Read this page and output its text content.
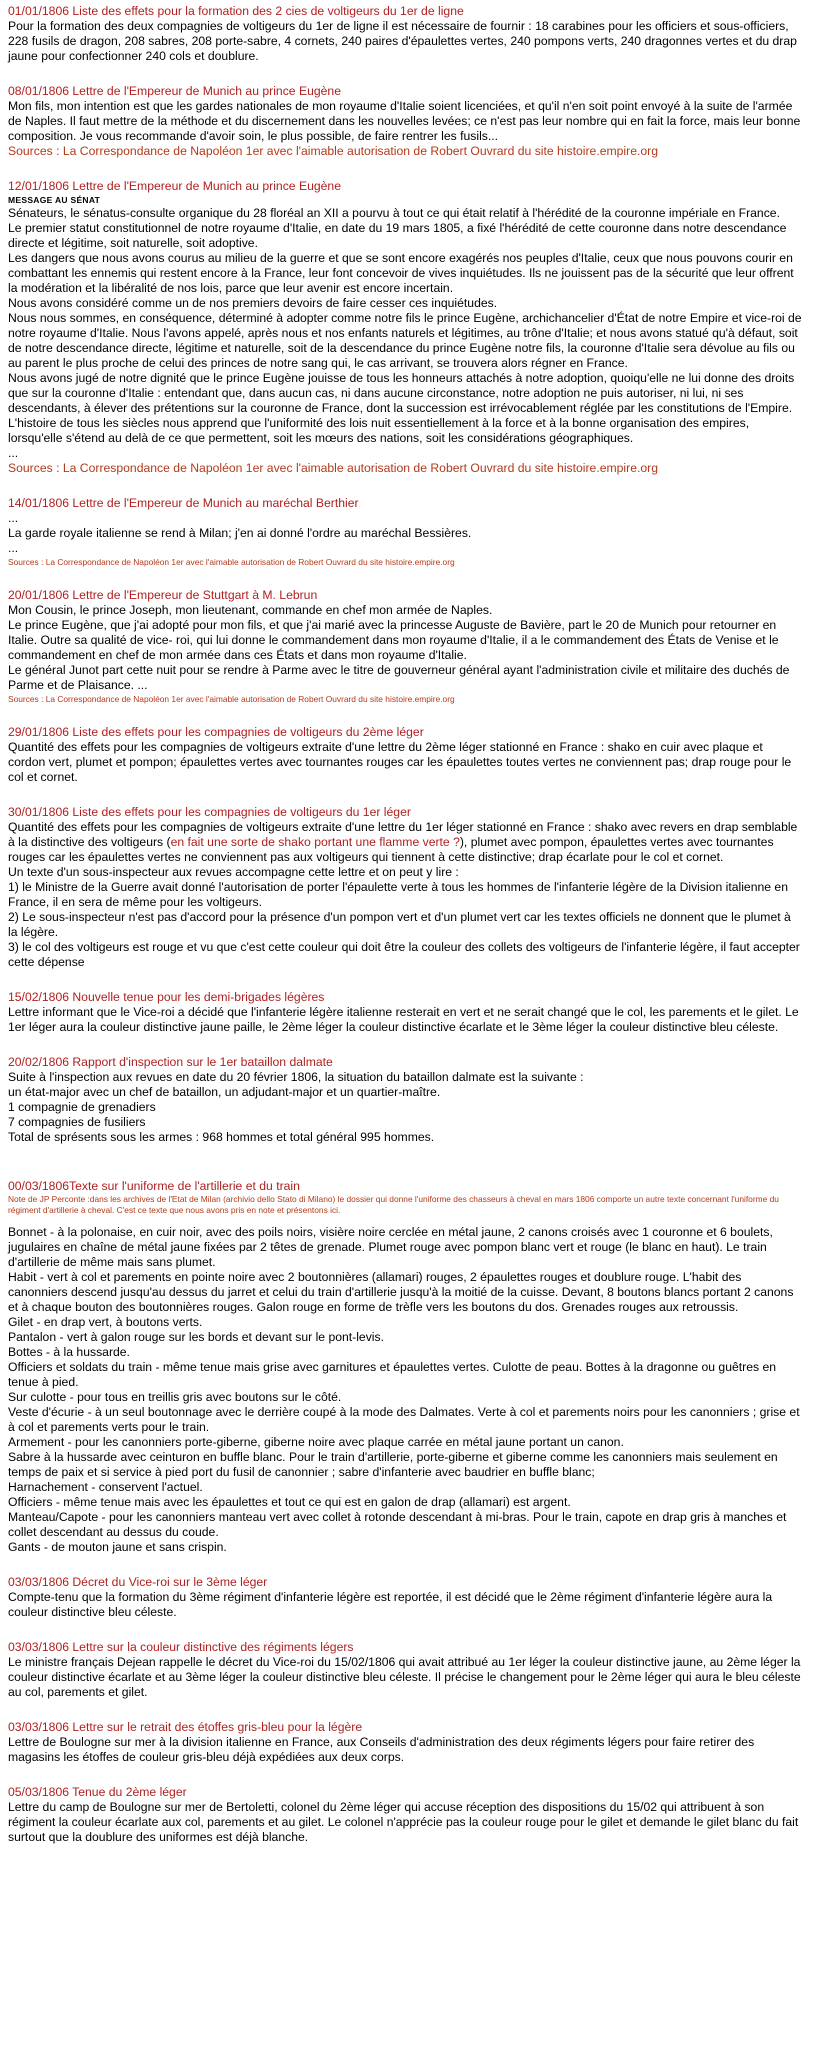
01/01/1806 Liste des effets pour la formation des 2 cies de voltigeurs du 1er de ligne

Pour la formation des deux compagnies de voltigeurs du 1er de ligne il est nécessaire de fournir : 18 carabines pour les officiers et sous-officiers, 228 fusils de dragon, 208 sabres, 208 porte-sabre, 4 cornets, 240 paires d'épaulettes vertes, 240 pompons verts, 240 dragonnes vertes et du drap jaune pour confectionner 240 cols et doublure.

08/01/1806 Lettre de l'Empereur de Munich au prince Eugène

Mon fils, mon intention est que les gardes nationales de mon royaume d'Italie soient licenciées, et qu'il n'en soit point envoyé à la suite de l'armée de Naples. Il faut mettre de la méthode et du discernement dans les nouvelles levées; ce n'est pas leur nombre qui en fait la force, mais leur bonne composition. Je vous recommande d'avoir soin, le plus possible, de faire rentrer les fusils...

Sources : La Correspondance de Napoléon 1er avec l'aimable autorisation de Robert Ouvrard du site histoire.empire.org
12/01/1806 Lettre de l'Empereur de Munich au prince Eugène
MESSAGE AU SÉNAT

Sénateurs, le sénatus-consulte organique du 28 floréal an XII a pourvu à tout ce qui était relatif à l'hérédité de la couronne impériale en France.

Le premier statut constitutionnel de notre royaume d'Italie, en date du 19 mars 1805, a fixé l'hérédité de cette couronne dans notre descendance directe et légitime, soit naturelle, soit adoptive.

Les dangers que nous avons courus au milieu de la guerre et que se sont encore exagérés nos peuples d'Italie, ceux que nous pouvons courir en combattant les ennemis qui restent encore à la France, leur font concevoir de vives inquiétudes. Ils ne jouissent pas de la sécurité que leur offrent la modération et la libéralité de nos lois, parce que leur avenir est encore incertain.

Nous avons considéré comme un de nos premiers devoirs de faire cesser ces inquiétudes.

Nous nous sommes, en conséquence, déterminé à adopter comme notre fils le prince Eugène, archichancelier d'État de notre Empire et vice-roi de notre royaume d'Italie. Nous l'avons appelé, après nous et nos enfants naturels et légitimes, au trône d'Italie; et nous avons statué qu'à défaut, soit de notre descendance directe, légitime et naturelle, soit de la descendance du prince Eugène notre fils, la couronne d'Italie sera dévolue au fils ou au parent le plus proche de celui des princes de notre sang qui, le cas arrivant, se trouvera alors régner en France.

Nous avons jugé de notre dignité que le prince Eugène jouisse de tous les honneurs attachés à notre adoption, quoiqu'elle ne lui donne des droits que sur la couronne d'Italie : entendant que, dans aucun cas, ni dans aucune circonstance, notre adoption ne puis autoriser, ni lui, ni ses descendants, à élever des prétentions sur la couronne de France, dont la succession est irrévocablement réglée par les constitutions de l'Empire. L'histoire de tous les siècles nous apprend que l'uniformité des lois nuit essentiellement à la force et à la bonne organisation des empires, lorsqu'elle s'étend au delà de ce que permettent, soit les mœurs des nations, soit les considérations géographiques.

...

Sources : La Correspondance de Napoléon 1er avec l'aimable autorisation de Robert Ouvrard du site histoire.empire.org
14/01/1806 Lettre de l'Empereur de Munich au maréchal Berthier

...

La garde royale italienne se rend à Milan; j'en ai donné l'ordre au maréchal Bessières.

...

Sources : La Correspondance de Napoléon 1er avec l'aimable autorisation de Robert Ouvrard du site histoire.empire.org
20/01/1806 Lettre de l'Empereur de Stuttgart à M. Lebrun

Mon Cousin, le prince Joseph, mon lieutenant, commande en chef mon armée de Naples.

Le prince Eugène, que j'ai adopté pour mon fils, et que j'ai marié avec la princesse Auguste de Bavière, part le 20 de Munich pour retourner en Italie. Outre sa qualité de vice- roi, qui lui donne le commandement dans mon royaume d'Italie, il a le commandement des États de Venise et le commandement en chef de mon armée dans ces États et dans mon royaume d'Italie.

Le général Junot part cette nuit pour se rendre à Parme avec le titre de gouverneur général ayant l'administration civile et militaire des duchés de Parme et de Plaisance. ...

Sources : La Correspondance de Napoléon 1er avec l'aimable autorisation de Robert Ouvrard du site histoire.empire.org
29/01/1806 Liste des effets pour les compagnies de voltigeurs du 2ème léger

Quantité des effets pour les compagnies de voltigeurs extraite d'une lettre du 2ème léger stationné en France : shako en cuir avec plaque et cordon vert, plumet et pompon; épaulettes vertes avec tournantes rouges car les épaulettes toutes vertes ne conviennent pas; drap rouge pour le col et cornet.

30/01/1806 Liste des effets pour les compagnies de voltigeurs du 1er léger

Quantité des effets pour les compagnies de voltigeurs extraite d'une lettre du 1er léger stationné en France : shako avec revers en drap semblable à la distinctive des voltigeurs (en fait une sorte de shako portant une flamme verte ?), plumet avec pompon, épaulettes vertes avec tournantes rouges car les épaulettes vertes ne conviennent pas aux voltigeurs qui tiennent à cette distinctive; drap écarlate pour le col et cornet.

Un texte d'un sous-inspecteur aux revues accompagne cette lettre et on peut y lire :

1) le Ministre de la Guerre avait donné l'autorisation de porter l'épaulette verte à tous les hommes de l'infanterie légère de la Division italienne en France, il en sera de même pour les voltigeurs.

2) Le sous-inspecteur n'est pas d'accord pour la présence d'un pompon vert et d'un plumet vert car les textes officiels ne donnent que le plumet à la légère.

3) le col des voltigeurs est rouge et vu que c'est cette couleur qui doit être la couleur des collets des voltigeurs de l'infanterie légère, il faut accepter cette dépense

15/02/1806 Nouvelle tenue pour les demi-brigades légères

Lettre informant que le Vice-roi a décidé que l'infanterie légère italienne resterait en vert et ne serait changé que le col, les parements et le gilet. Le 1er léger aura la couleur distinctive jaune paille, le 2ème léger la couleur distinctive écarlate et le 3ème léger la couleur distinctive bleu céleste.

20/02/1806 Rapport d'inspection sur le 1er bataillon dalmate

Suite à l'inspection aux revues en date du 20 février 1806, la situation du bataillon dalmate est la suivante :

un état-major avec un chef de bataillon, un adjudant-major et un quartier-maître.

1 compagnie de grenadiers

7 compagnies de fusiliers

Total de sprésents sous les armes : 968 hommes et total général 995 hommes.

00/03/1806Texte sur l'uniforme de l'artillerie et du train
Note de JP Perconte :dans les archives de l'Etat de Milan (archivio dello Stato di Milano) le dossier qui donne l'uniforme des chasseurs à cheval en mars 1806 comporte un autre texte concernant l'uniforme du régiment d'artillerie à cheval. C'est ce texte que nous avons pris en note et présentons ici.

Bonnet - à la polonaise, en cuir noir, avec des poils noirs, visière noire cerclée en métal jaune, 2 canons croisés avec 1 couronne et 6 boulets, jugulaires en chaîne de métal jaune fixées par 2 têtes de grenade. Plumet rouge avec pompon blanc vert et rouge (le blanc en haut). Le train d'artillerie de même mais sans plumet.

Habit - vert à col et parements en pointe noire avec 2 boutonnières (allamari) rouges, 2 épaulettes rouges et doublure rouge. L'habit des canonniers descend jusqu'au dessus du jarret et celui du train d'artillerie jusqu'à la moitié de la cuisse. Devant, 8 boutons blancs portant 2 canons et à chaque bouton des boutonnières rouges. Galon rouge en forme de trèfle vers les boutons du dos. Grenades rouges aux retroussis.

Gilet - en drap vert, à boutons verts.

Pantalon - vert à galon rouge sur les bords et devant sur le pont-levis.

Bottes - à la hussarde.

Officiers et soldats du train - même tenue mais grise avec garnitures et épaulettes vertes. Culotte de peau. Bottes à la dragonne ou guêtres en tenue à pied.

Sur culotte - pour tous en treillis gris avec boutons sur le côté.

Veste d'écurie - à un seul boutonnage avec le derrière coupé à la mode des Dalmates. Verte à col et parements noirs pour les canonniers ; grise et à col et parements verts pour le train.

Armement - pour les canonniers porte-giberne, giberne noire avec plaque carrée en métal jaune portant un canon.

Sabre à la hussarde avec ceinturon en buffle blanc. Pour le train d'artillerie, porte-giberne et giberne comme les canonniers mais seulement en temps de paix et si service à pied port du fusil de canonnier ; sabre d'infanterie avec baudrier en buffle blanc;

Harnachement - conservent l'actuel.

Officiers - même tenue mais avec les épaulettes et tout ce qui est en galon de drap (allamari) est argent.

Manteau/Capote - pour les canonniers manteau vert avec collet à rotonde descendant à mi-bras. Pour le train, capote en drap gris à manches et collet descendant au dessus du coude.

Gants - de mouton jaune et sans crispin.

03/03/1806 Décret du Vice-roi sur le 3ème léger

Compte-tenu que la formation du 3ème régiment d'infanterie légère est reportée, il est décidé que le 2ème régiment d'infanterie légère aura la couleur distinctive bleu céleste.

03/03/1806 Lettre sur la couleur distinctive des régiments légers

Le ministre français Dejean rappelle le décret du Vice-roi du 15/02/1806 qui avait attribué au 1er léger la couleur distinctive jaune, au 2ème léger la couleur distinctive écarlate et au 3ème léger la couleur distinctive bleu céleste. Il précise le changement pour le 2ème léger qui aura le bleu céleste au col, parements et gilet.

03/03/1806 Lettre sur le retrait des étoffes gris-bleu pour la légère

Lettre de Boulogne sur mer à la division italienne en France, aux Conseils d'administration des deux régiments légers pour faire retirer des magasins les étoffes de couleur gris-bleu déjà expédiées aux deux corps.

05/03/1806 Tenue du 2ème léger

Lettre du camp de Boulogne sur mer de Bertoletti, colonel du 2ème léger qui accuse réception des dispositions du 15/02 qui attribuent à son régiment la couleur écarlate aux col, parements et au gilet. Le colonel n'apprécie pas la couleur rouge pour le gilet et demande le gilet blanc du fait surtout que la doublure des uniformes est déjà blanche.
